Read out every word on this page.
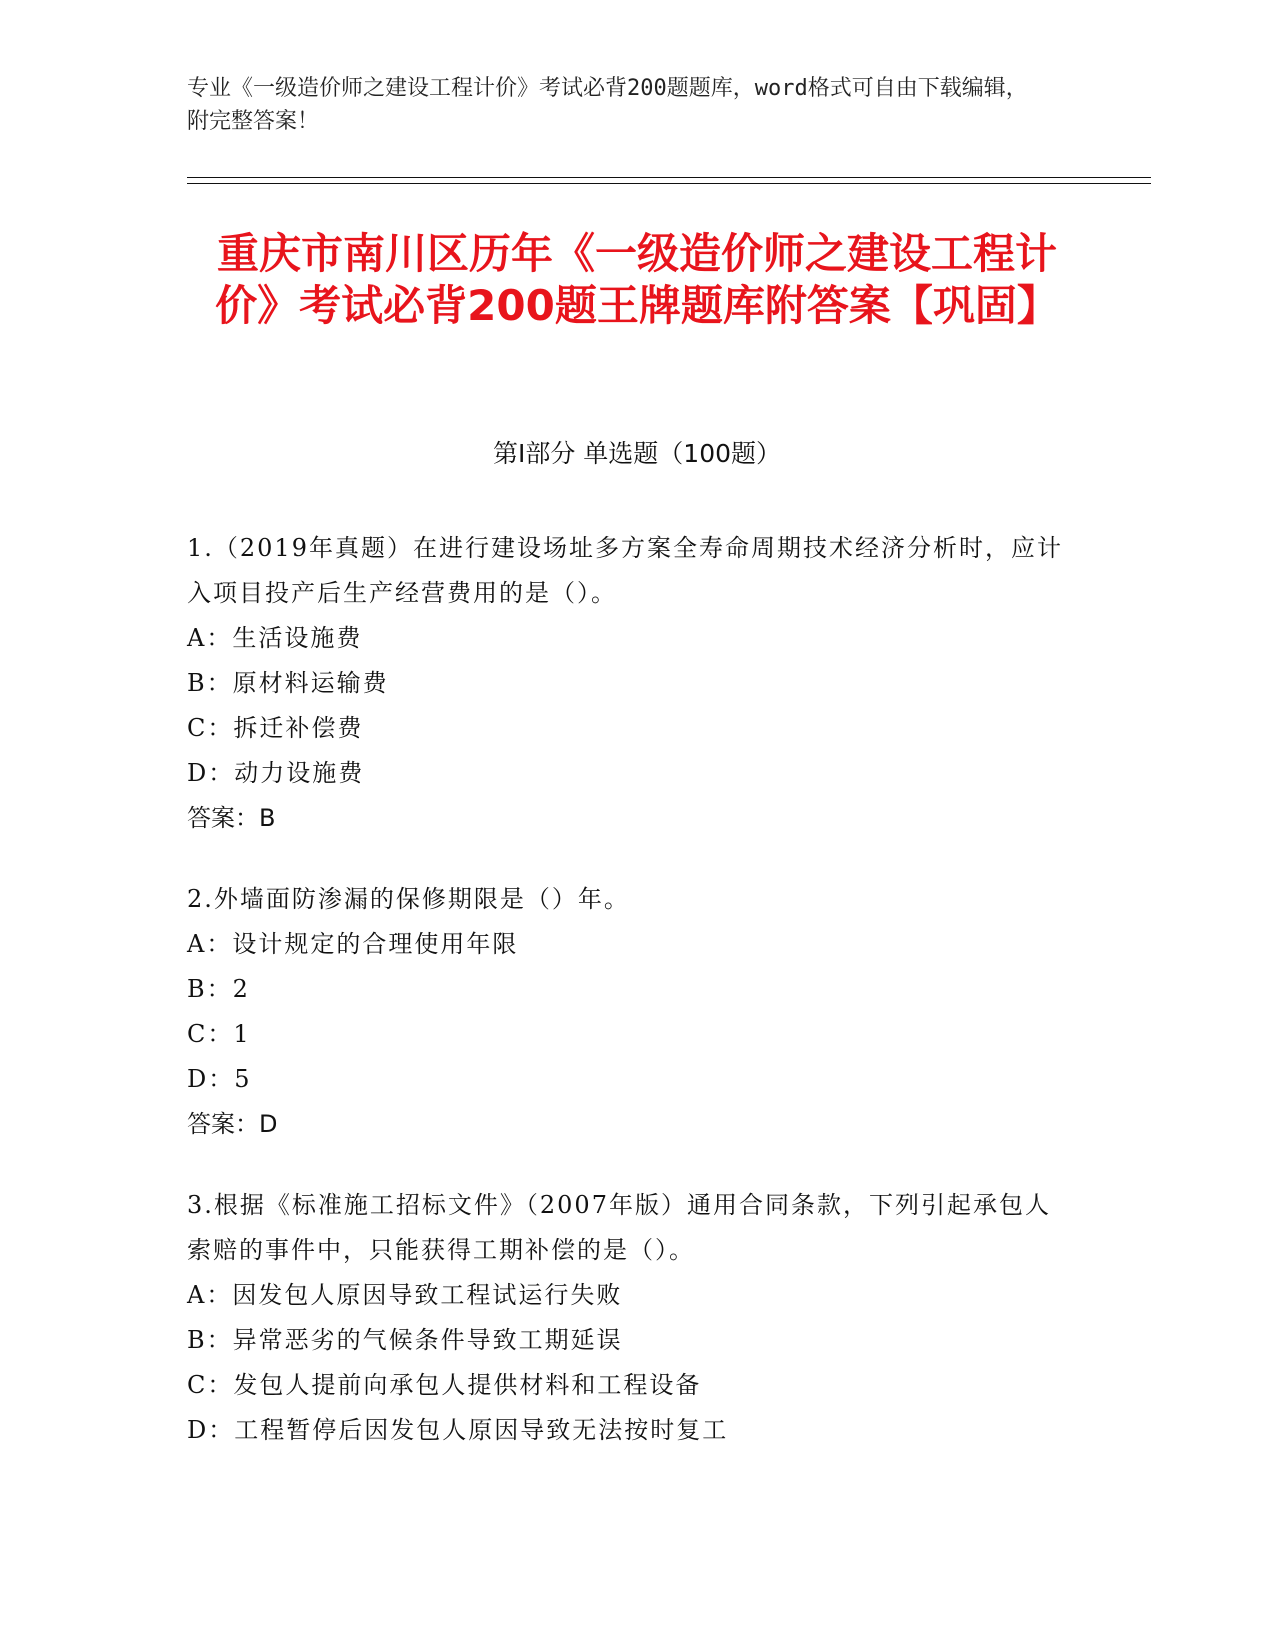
专业《一级造价师之建设工程计价》考试必背200题题库，word格式可自由下载编辑，附完整答案！
重庆市南川区历年《一级造价师之建设工程计价》考试必背200题王牌题库附答案【巩固】
第I部分 单选题（100题）
1.（2019年真题）在进行建设场址多方案全寿命周期技术经济分析时，应计入项目投产后生产经营费用的是（）。
A：生活设施费
B：原材料运输费
C：拆迁补偿费
D：动力设施费
答案：B
2.外墙面防渗漏的保修期限是（）年。
A：设计规定的合理使用年限
B：2
C：1
D：5
答案：D
3.根据《标准施工招标文件》（2007年版）通用合同条款，下列引起承包人索赔的事件中，只能获得工期补偿的是（）。
A：因发包人原因导致工程试运行失败
B：异常恶劣的气候条件导致工期延误
C：发包人提前向承包人提供材料和工程设备
D：工程暂停后因发包人原因导致无法按时复工
